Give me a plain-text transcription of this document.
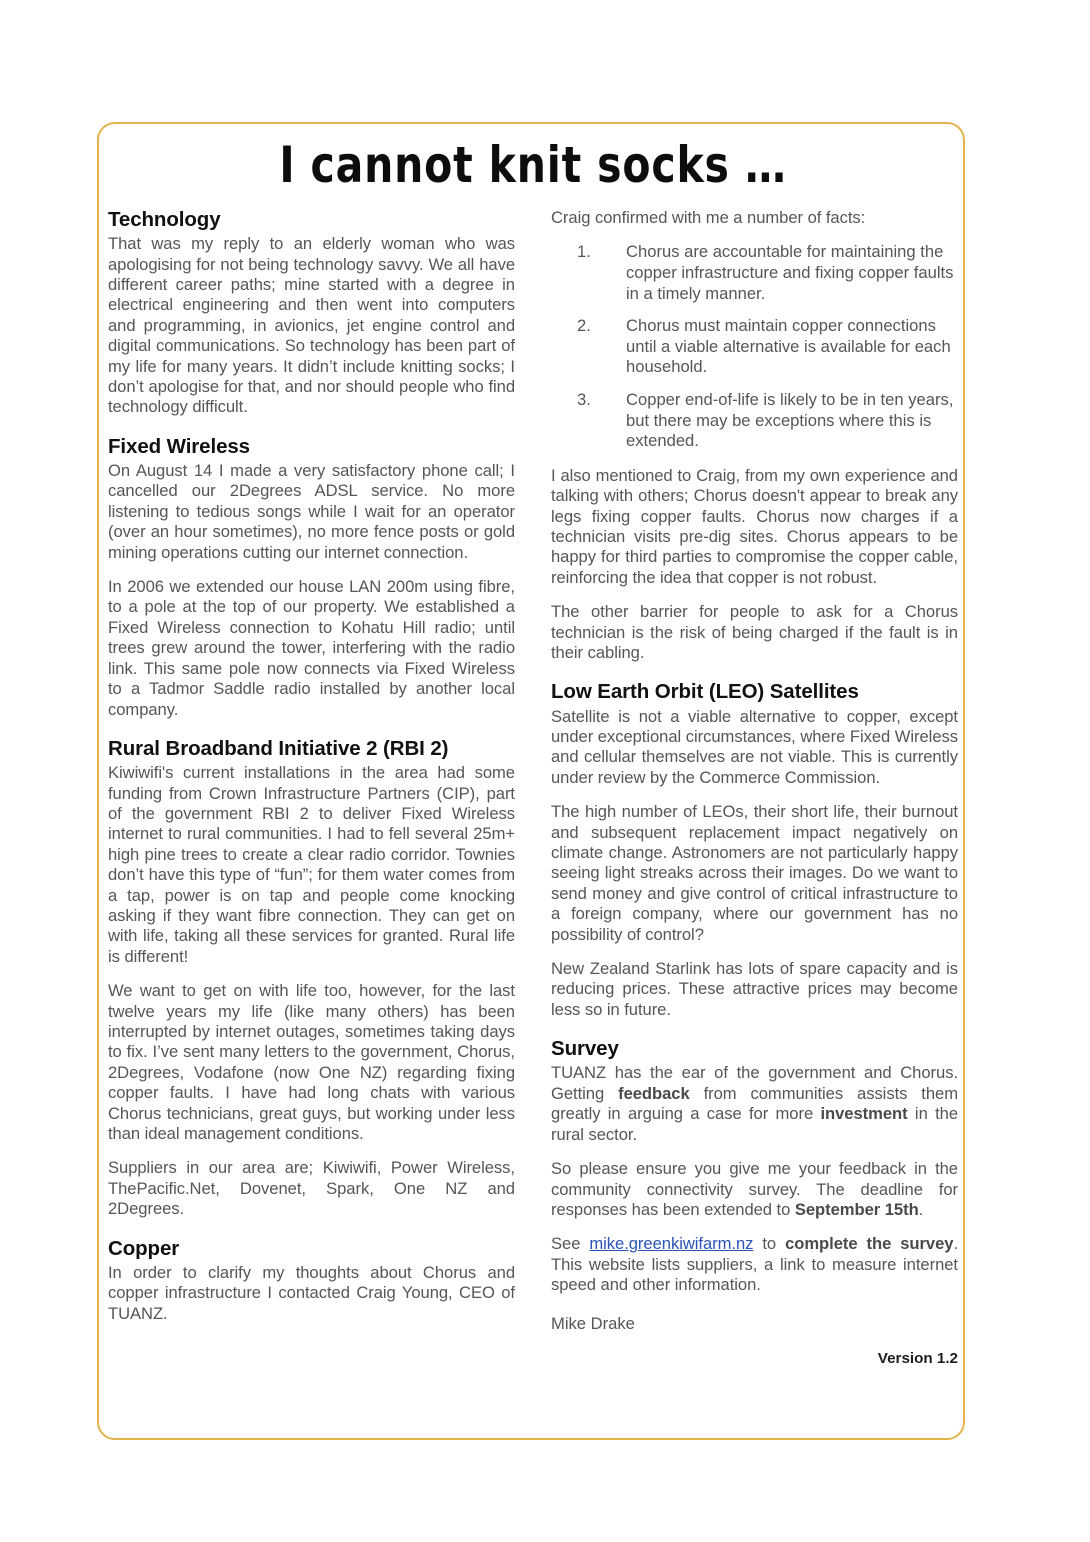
I cannot knit socks …
Technology

That was my reply to an elderly woman who was apologising for not being technology savvy. We all have different career paths; mine started with a degree in electrical engineering and then went into computers and programming, in avionics, jet engine control and digital communications. So technology has been part of my life for many years. It didn’t include knitting socks; I don’t apologise for that, and nor should people who find technology difficult.

Fixed Wireless

On August 14 I made a very satisfactory phone call; I cancelled our 2Degrees ADSL service. No more listening to tedious songs while I wait for an operator (over an hour sometimes), no more fence posts or gold mining operations cutting our internet connection.

In 2006 we extended our house LAN 200m using fibre, to a pole at the top of our property. We established a Fixed Wireless connection to Kohatu Hill radio; until trees grew around the tower, interfering with the radio link. This same pole now connects via Fixed Wireless to a Tadmor Saddle radio installed by another local company.

Rural Broadband Initiative 2 (RBI 2)

Kiwiwifi's current installations in the area had some funding from Crown Infrastructure Partners (CIP), part of the government RBI 2 to deliver Fixed Wireless internet to rural communities. I had to fell several 25m+ high pine trees to create a clear radio corridor. Townies don’t have this type of “fun”; for them water comes from a tap, power is on tap and people come knocking asking if they want fibre connection. They can get on with life, taking all these services for granted. Rural life is different!

We want to get on with life too, however, for the last twelve years my life (like many others) has been interrupted by internet outages, sometimes taking days to fix. I’ve sent many letters to the government, Chorus, 2Degrees, Vodafone (now One NZ) regarding fixing copper faults. I have had long chats with various Chorus technicians, great guys, but working under less than ideal management conditions.

Suppliers in our area are; Kiwiwifi, Power Wireless, ThePacific.Net, Dovenet, Spark, One NZ and 2Degrees.

Copper

In order to clarify my thoughts about Chorus and copper infrastructure I contacted Craig Young, CEO of TUANZ.

Craig confirmed with me a number of facts:

1. Chorus are accountable for maintaining the copper infrastructure and fixing copper faults in a timely manner.
2. Chorus must maintain copper connections until a viable alternative is available for each household.
3. Copper end-of-life is likely to be in ten years, but there may be exceptions where this is extended.

I also mentioned to Craig, from my own experience and talking with others; Chorus doesn't appear to break any legs fixing copper faults. Chorus now charges if a technician visits pre-dig sites. Chorus appears to be happy for third parties to compromise the copper cable, reinforcing the idea that copper is not robust.

The other barrier for people to ask for a Chorus technician is the risk of being charged if the fault is in their cabling.

Low Earth Orbit (LEO) Satellites

Satellite is not a viable alternative to copper, except under exceptional circumstances, where Fixed Wireless and cellular themselves are not viable. This is currently under review by the Commerce Commission.

The high number of LEOs, their short life, their burnout and subsequent replacement impact negatively on climate change. Astronomers are not particularly happy seeing light streaks across their images. Do we want to send money and give control of critical infrastructure to a foreign company, where our government has no possibility of control?

New Zealand Starlink has lots of spare capacity and is reducing prices. These attractive prices may become less so in future.

Survey

TUANZ has the ear of the government and Chorus. Getting feedback from communities assists them greatly in arguing a case for more investment in the rural sector.

So please ensure you give me your feedback in the community connectivity survey. The deadline for responses has been extended to September 15th.

See mike.greenkiwifarm.nz to complete the survey. This website lists suppliers, a link to measure internet speed and other information.

Mike Drake

Version 1.2
